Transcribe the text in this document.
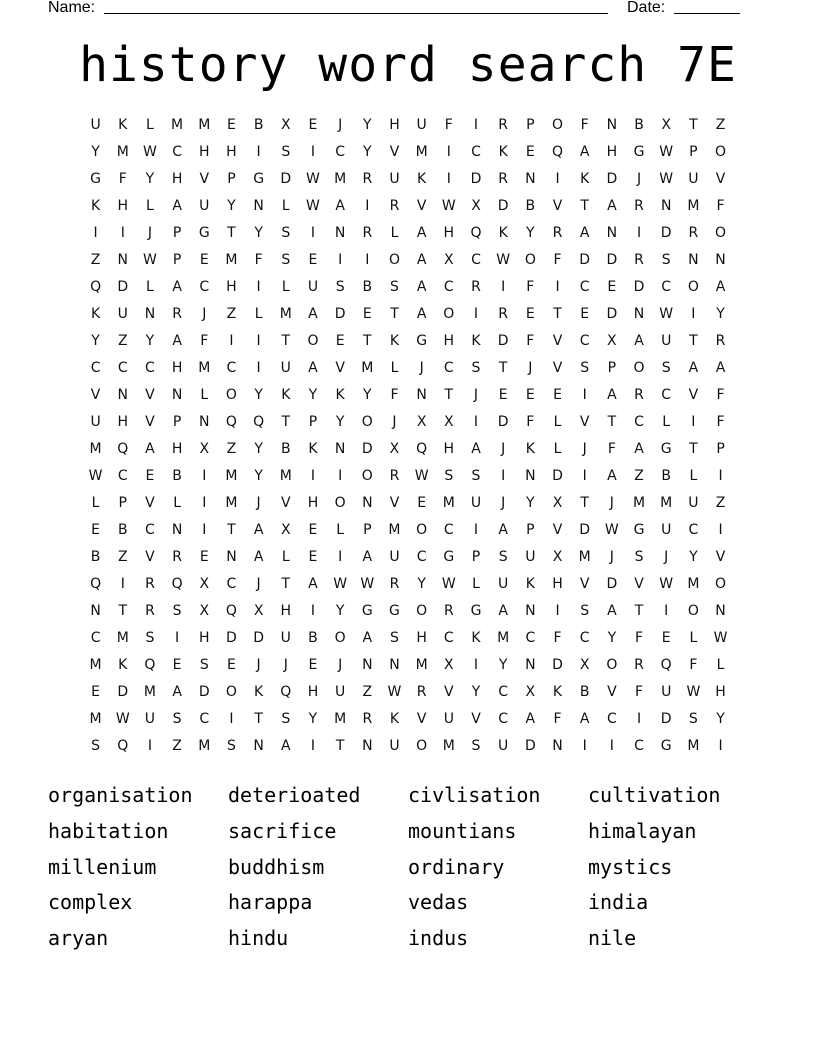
Name:	Date:
history word search 7E
U	K	L	M	M	E	B	X	E	J	Y	H	U	F	I	R	P	O	F	N	B	X	T	Z
Y	M	W	C	H	H	I	S	I	C	Y	V	M	I	C	K	E	Q	A	H	G	W	P	O
G	F	Y	H	V	P	G	D	W	M	R	U	K	I	D	R	N	I	K	D	J	W	U	V
K	H	L	A	U	Y	N	L	W	A	I	R	V	W	X	D	B	V	T	A	R	N	M	F
I	I	J	P	G	T	Y	S	I	N	R	L	A	H	Q	K	Y	R	A	N	I	D	R	O
Z	N	W	P	E	M	F	S	E	I	I	O	A	X	C	W	O	F	D	D	R	S	N	N
Q	D	L	A	C	H	I	L	U	S	B	S	A	C	R	I	F	I	C	E	D	C	O	A
K	U	N	R	J	Z	L	M	A	D	E	T	A	O	I	R	E	T	E	D	N	W	I	Y
Y	Z	Y	A	F	I	I	T	O	E	T	K	G	H	K	D	F	V	C	X	A	U	T	R
C	C	C	H	M	C	I	U	A	V	M	L	J	C	S	T	J	V	S	P	O	S	A	A
V	N	V	N	L	O	Y	K	Y	K	Y	F	N	T	J	E	E	E	I	A	R	C	V	F
U	H	V	P	N	Q	Q	T	P	Y	O	J	X	X	I	D	F	L	V	T	C	L	I	F
M	Q	A	H	X	Z	Y	B	K	N	D	X	Q	H	A	J	K	L	J	F	A	G	T	P
W	C	E	B	I	M	Y	M	I	I	O	R	W	S	S	I	N	D	I	A	Z	B	L	I
L	P	V	L	I	M	J	V	H	O	N	V	E	M	U	J	Y	X	T	J	M	M	U	Z
E	B	C	N	I	T	A	X	E	L	P	M	O	C	I	A	P	V	D	W	G	U	C	I
B	Z	V	R	E	N	A	L	E	I	A	U	C	G	P	S	U	X	M	J	S	J	Y	V
Q	I	R	Q	X	C	J	T	A	W W	R	Y	W	L	U	K	H	V	D	V	W	M	O
N	T	R	S	X	Q	X	H	I	Y	G	G	O	R	G	A	N	I	S	A	T	I	O	N
C	M	S	I	H	D	D	U	B	O	A	S	H	C	K	M	C	F	C	Y	F	E	L	W
M	K	Q	E	S	E	J	J	E	J	N	N	M	X	I	Y	N	D	X	O	R	Q	F	L
E	D	M	A	D	O	K	Q	H	U	Z	W	R	V	Y	C	X	K	B	V	F	U	W	H
M	W	U	S	C	I	T	S	Y	M	R	K	V	U	V	C	A	F	A	C	I	D	S	Y
S	Q	I	Z	M	S	N	A	I	T	N	U	O	M	S	U	D	N	I	I	C	G	M	I
organisation	deterioated	civlisation	cultivation
habitation	sacrifice	mountians	himalayan
millenium	buddhism	ordinary	mystics
complex	harappa	vedas	india
aryan	hindu	indus	nile
